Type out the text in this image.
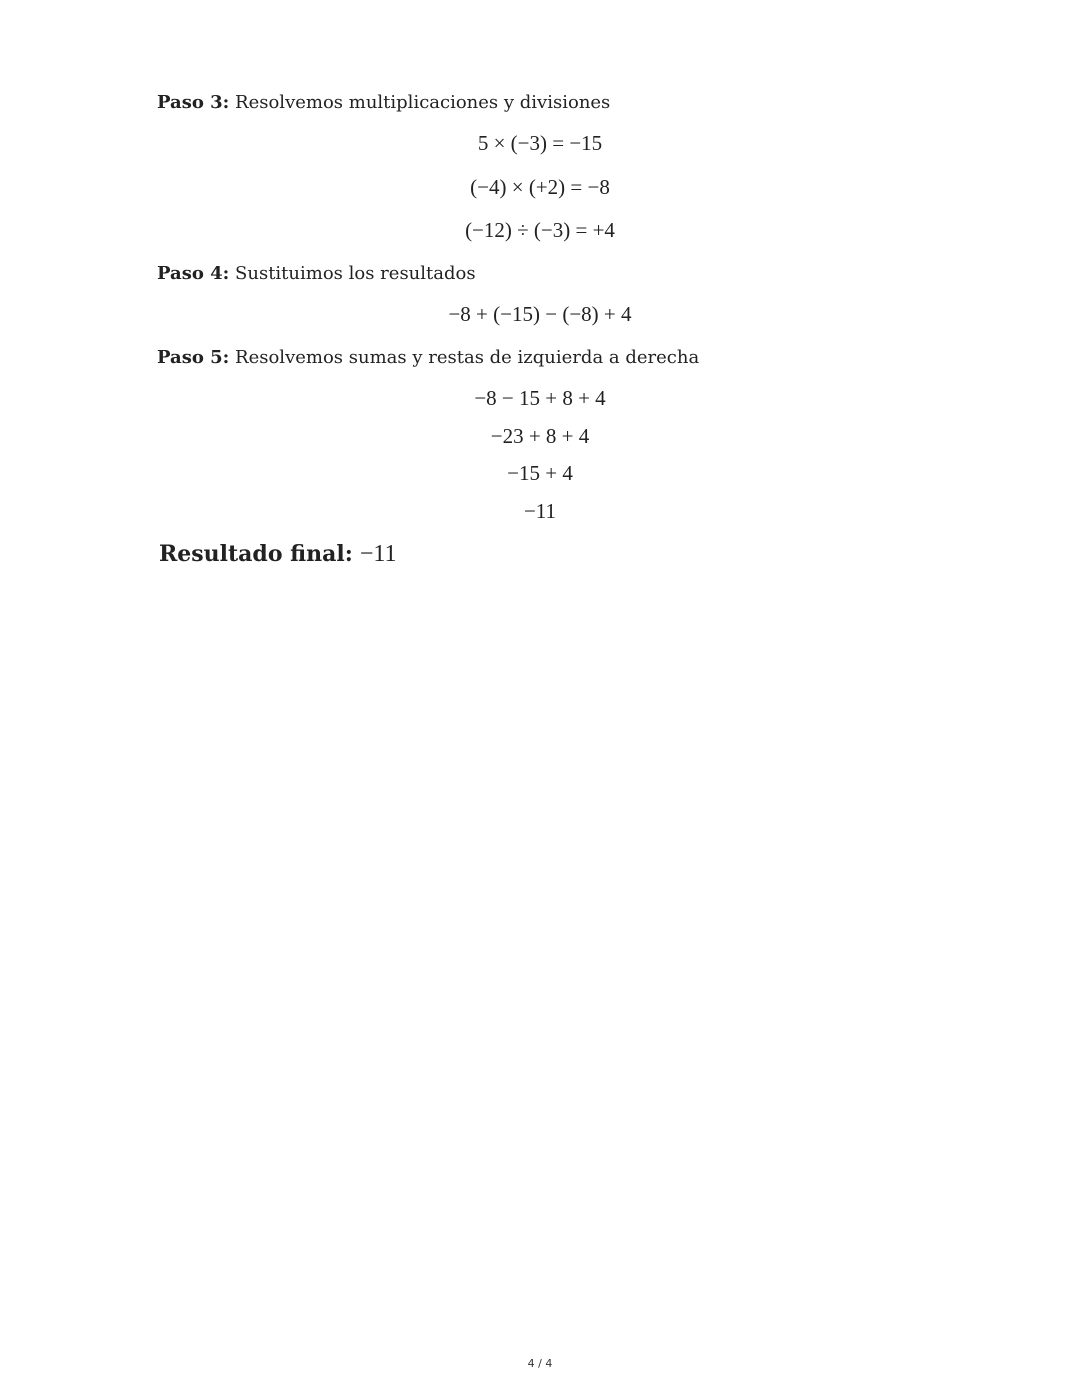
Paso 3: Resolvemos multiplicaciones y divisiones
5 × (−3) = −15
(−4) × (+2) = −8
(−12) ÷ (−3) = +4
Paso 4: Sustituimos los resultados
−8 + (−15) − (−8) + 4
Paso 5: Resolvemos sumas y restas de izquierda a derecha
−8 − 15 + 8 + 4
−23 + 8 + 4
−15 + 4
−11
Resultado final: −11
4 / 4
